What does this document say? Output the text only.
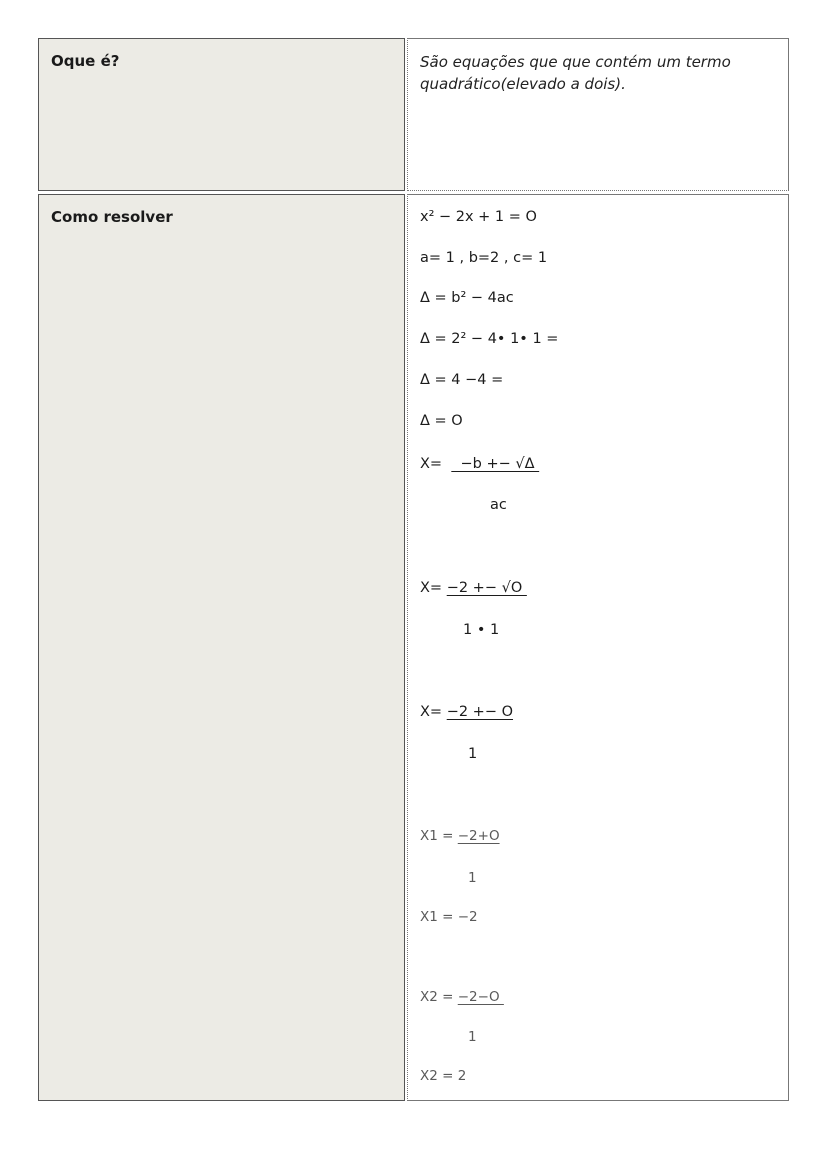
Oque é?	São equações que que contém um termo quadrático(elevado a dois).
Como resolver	x² − 2x + 1 = O
a= 1 , b=2 , c= 1
Δ = b² − 4ac
Δ = 2² − 4• 1• 1 =
Δ = 4 −4 =
Δ = O
X=    −b +− √Δ
ac
X= −2 +− √O
1 • 1
X= −2 +− O
1
X1 = −2+O
1
X1 = −2
X2 = −2−O
1
X2 = 2
